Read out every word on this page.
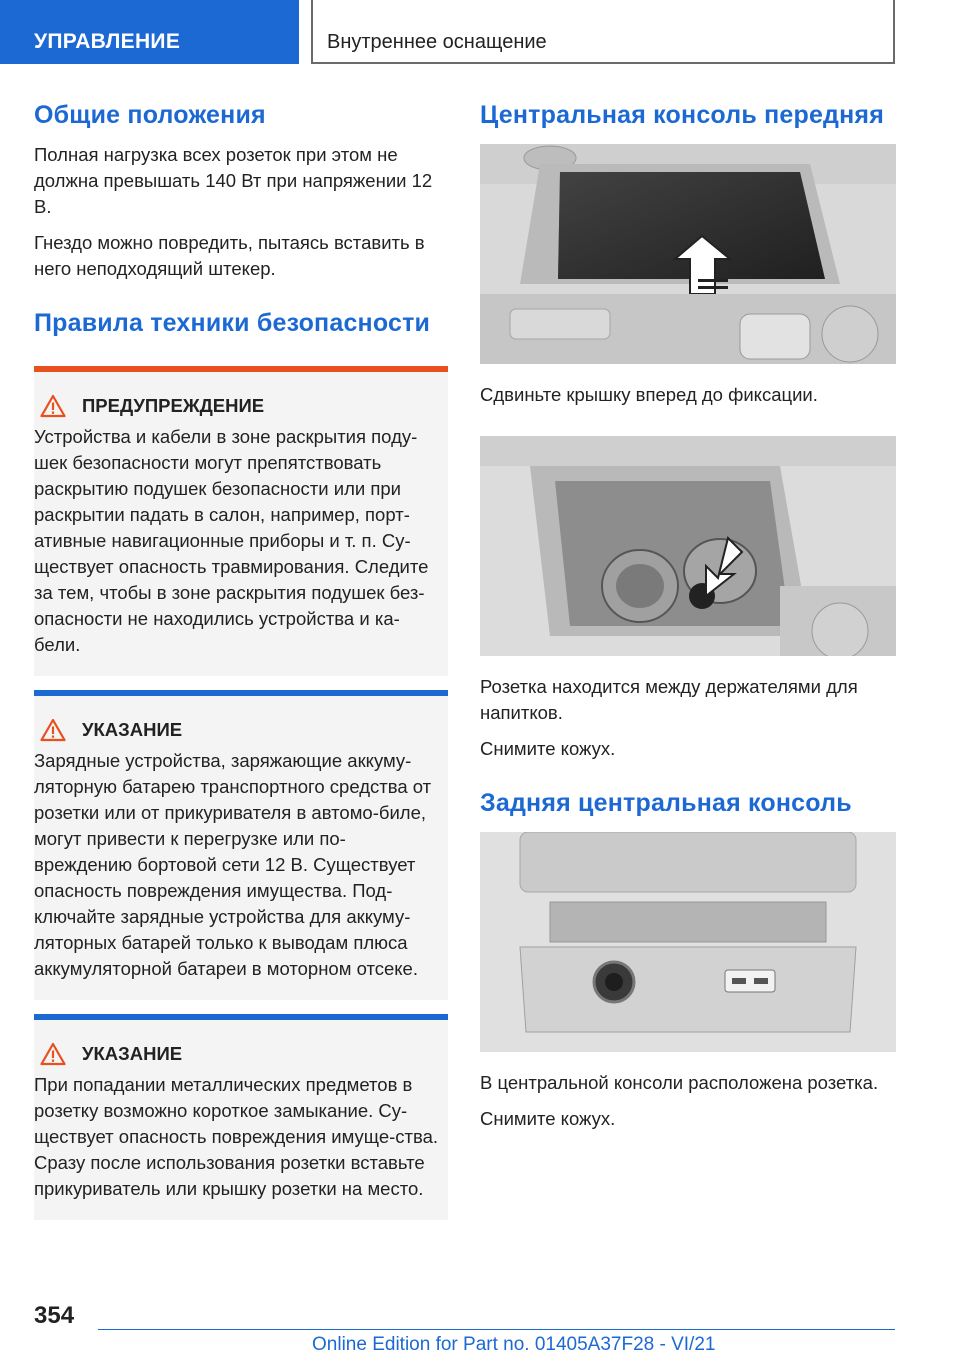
УПРАВЛЕНИЕ	Внутреннее оснащение
Общие положения

Полная нагрузка всех розеток при этом не должна превышать 140 Вт при напряжении 12 В.

Гнездо можно повредить, пытаясь вставить в него неподходящий штекер.

Правила техники безопасности
ПРЕДУПРЕЖДЕНИЕ
Устройства и кабели в зоне раскрытия поду-шек безопасности могут препятствовать раскрытию подушек безопасности или при раскрытии падать в салон, например, порт-ативные навигационные приборы и т. п. Су-ществует опасность травмирования. Следите за тем, чтобы в зоне раскрытия подушек без-опасности не находились устройства и ка-бели.
УКАЗАНИЕ
Зарядные устройства, заряжающие аккуму-ляторную батарею транспортного средства от розетки или от прикуривателя в автомо-биле, могут привести к перегрузке или по-вреждению бортовой сети 12 В. Существует опасность повреждения имущества. Под-ключайте зарядные устройства для аккуму-ляторных батарей только к выводам плюса аккумуляторной батареи в моторном отсеке.
УКАЗАНИЕ
При попадании металлических предметов в розетку возможно короткое замыкание. Су-ществует опасность повреждения имуще-ства. Сразу после использования розетки вставьте прикуриватель или крышку розетки на место.
Центральная консоль передняя

Сдвиньте крышку вперед до фиксации.

Розетка находится между держателями для напитков.

Снимите кожух.

Задняя центральная консоль

В центральной консоли расположена розетка.

Снимите кожух.

354
Online Edition for Part no. 01405A37F28 - VI/21
